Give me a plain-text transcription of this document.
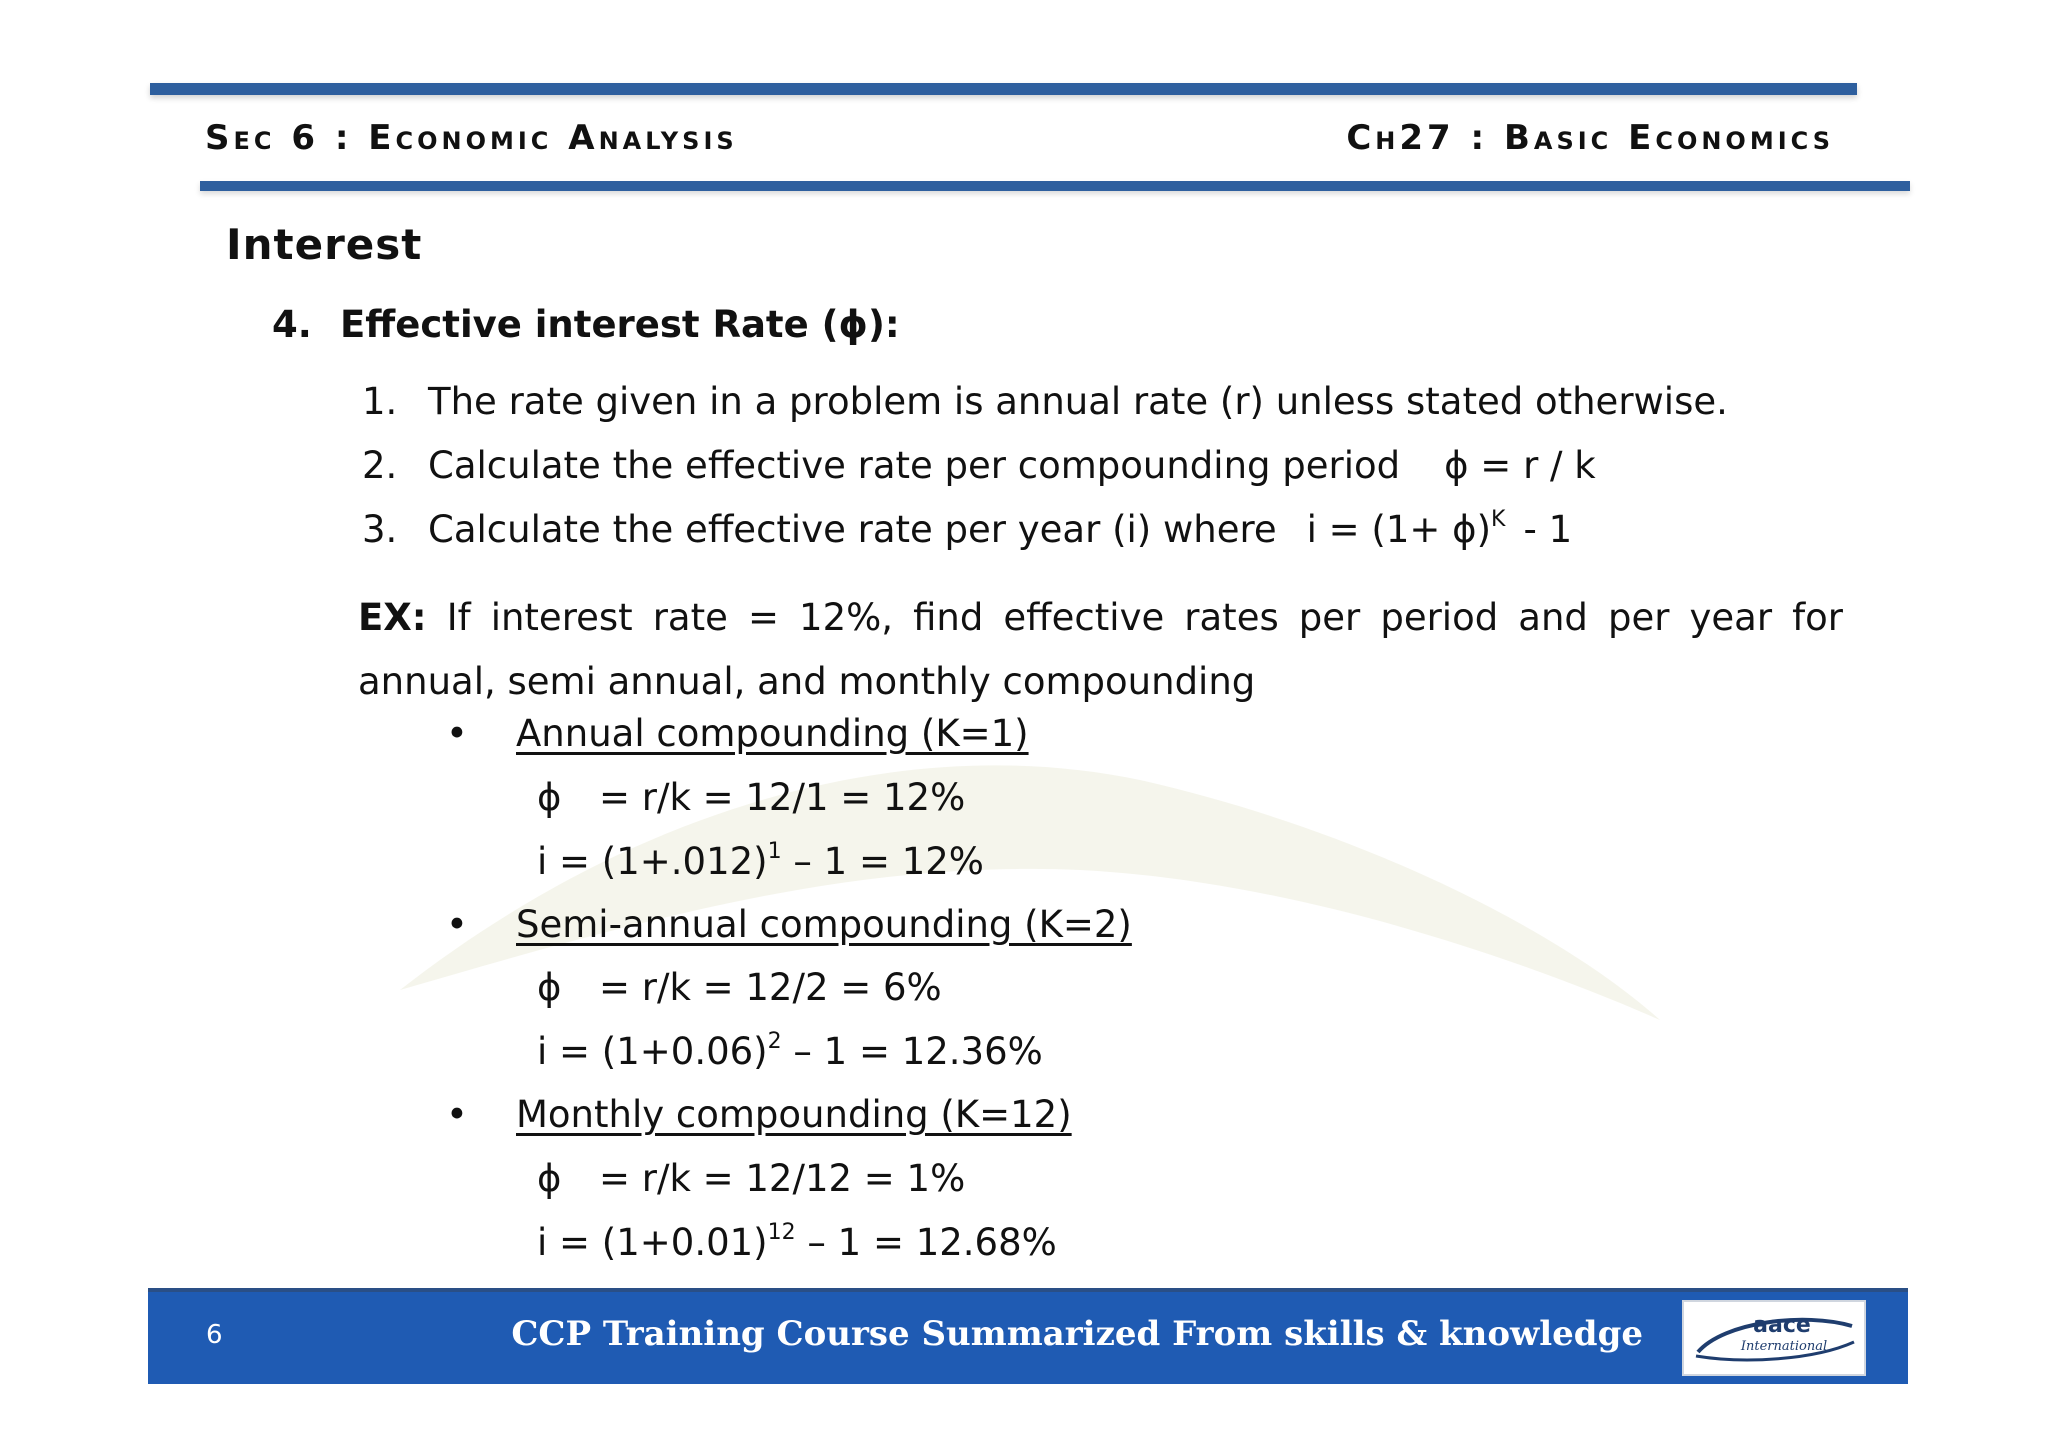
Sec 6 : Economic Analysis	Ch27 : Basic Economics
Interest
4. Effective interest Rate (ϕ):
1. The rate given in a problem is annual rate (r) unless stated otherwise.
2. Calculate the effective rate per compounding period ϕ = r / k
3. Calculate the effective rate per year (i) where $i = (1+ \phi)^K - 1$
EX: If interest rate = 12%, find effective rates per period and per year for annual, semi annual, and monthly compounding
• Annual compounding (K=1)
ϕ = r/k = 12/1 = 12%
$i = (1+.012)^1 - 1 = 12\%$
• Semi-annual compounding (K=2)
ϕ = r/k = 12/2 = 6%
$i = (1+0.06)^2 - 1 = 12.36\%$
• Monthly compounding (K=12)
ϕ = r/k = 12/12 = 1%
$i = (1+0.01)^{12} - 1 = 12.68\%$
6	CCP Training Course Summarized From skills & knowledge	aace
International
